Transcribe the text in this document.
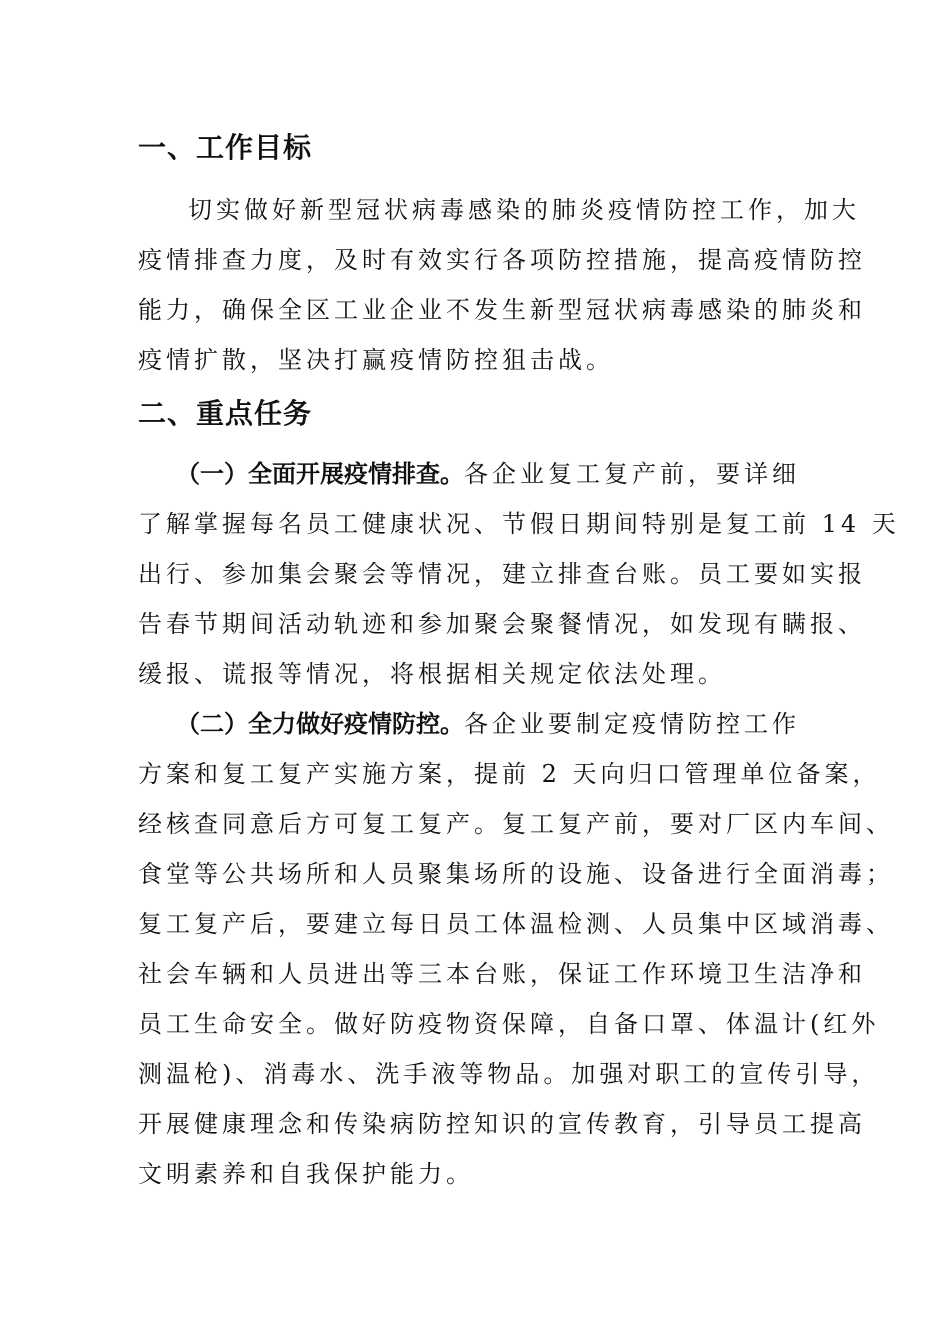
一、工作目标
切实做好新型冠状病毒感染的肺炎疫情防控工作，加大
疫情排查力度，及时有效实行各项防控措施，提高疫情防控
能力，确保全区工业企业不发生新型冠状病毒感染的肺炎和
疫情扩散，坚决打赢疫情防控狙击战。
二、重点任务
（一）全面开展疫情排查。各企业复工复产前，要详细
了解掌握每名员工健康状况、节假日期间特别是复工前 14 天
出行、参加集会聚会等情况，建立排查台账。员工要如实报
告春节期间活动轨迹和参加聚会聚餐情况，如发现有瞒报、
缓报、谎报等情况，将根据相关规定依法处理。
（二）全力做好疫情防控。各企业要制定疫情防控工作
方案和复工复产实施方案，提前 2 天向归口管理单位备案，
经核查同意后方可复工复产。复工复产前，要对厂区内车间、
食堂等公共场所和人员聚集场所的设施、设备进行全面消毒；
复工复产后，要建立每日员工体温检测、人员集中区域消毒、
社会车辆和人员进出等三本台账，保证工作环境卫生洁净和
员工生命安全。做好防疫物资保障，自备口罩、体温计(红外
测温枪)、消毒水、洗手液等物品。加强对职工的宣传引导，
开展健康理念和传染病防控知识的宣传教育，引导员工提高
文明素养和自我保护能力。
